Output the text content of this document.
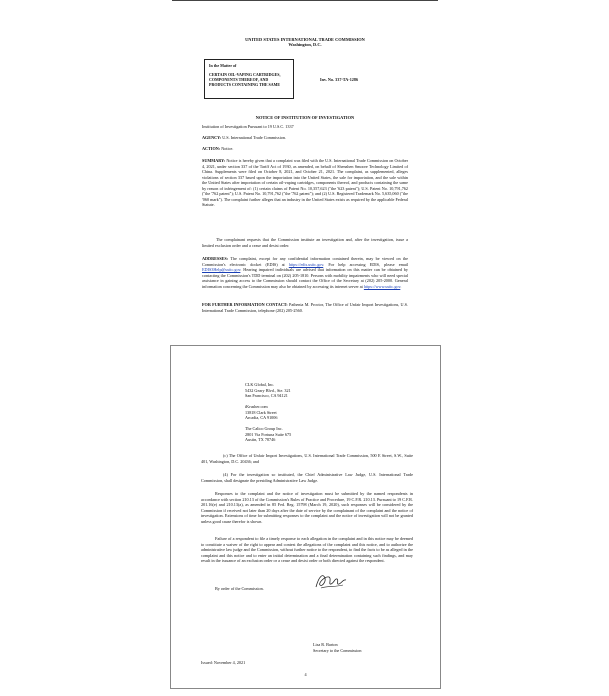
UNITED STATES INTERNATIONAL TRADE COMMISSION
Washington, D.C.
In the Matter of
CERTAIN OIL-VAPING CARTRIDGES, COMPONENTS THEREOF, AND PRODUCTS CONTAINING THE SAME
Inv. No. 337-TA-1286
NOTICE OF INSTITUTION OF INVESTIGATION
Institution of Investigation Pursuant to 19 U.S.C. 1337
AGENCY: U.S. International Trade Commission.
ACTION: Notice.
SUMMARY: Notice is hereby given that a complaint was filed with the U.S. International Trade Commission on October 4, 2021, under section 337 of the Tariff Act of 1930, as amended, on behalf of Shenzhen Smoore Technology Limited of China. Supplements were filed on October 8, 2021, and October 21, 2021. The complaint, as supplemented, alleges violations of section 337 based upon the importation into the United States, the sale for importation, and the sale within the United States after importation of certain oil-vaping cartridges, components thereof, and products containing the same by reason of infringement of: (1) certain claims of Patent No. 10,357,623 ("the '623 patent"); U.S. Patent No. 10,791,762 ("the '762 patent"); U.S. Patent No. 10,791,762 ("the '762 patent"); and (2) U.S. Registered Trademark No. 5,635,060 ("the '060 mark"). The complaint further alleges that an industry in the United States exists as required by the applicable Federal Statute.
The complainant requests that the Commission institute an investigation and, after the investigation, issue a limited exclusion order and a cease and desist order.
ADDRESSES: The complaint, except for any confidential information contained therein, may be viewed on the Commission's electronic docket (EDIS) at https://edis.usitc.gov. For help accessing EDIS, please email EDIS3Help@usitc.gov. Hearing impaired individuals are advised that information on this matter can be obtained by contacting the Commission's TDD terminal on (202) 205-1810. Persons with mobility impairments who will need special assistance in gaining access to the Commission should contact the Office of the Secretary at (202) 205-2000. General information concerning the Commission may also be obtained by accessing its internet server at https://www.usitc.gov.
FOR FURTHER INFORMATION CONTACT: Pathenia M. Proctor, The Office of Unfair Import Investigations, U.S. International Trade Commission, telephone (202) 205-2560.
CLK Global, Inc.
5432 Geary Blvd., Ste. 321
San Francisco, CA 94121
iKrusher.com
13818 Clark Street
Arcadia, CA 91006
The Calico Group Inc.
2801 Via Fortuna Suite 675
Austin, TX 78746
(c) The Office of Unfair Import Investigations, U.S. International Trade Commission, 500 E Street, S.W., Suite 401, Washington, D.C. 20436; and
(4) For the investigation so instituted, the Chief Administrative Law Judge, U.S. International Trade Commission, shall designate the presiding Administrative Law Judge.
Responses to the complaint and the notice of investigation must be submitted by the named respondents in accordance with section 210.13 of the Commission's Rules of Practice and Procedure, 19 C.F.R. 210.13. Pursuant to 19 C.F.R. 201.16(e) and 210.13(a), as amended in 85 Fed. Reg. 15798 (March 19, 2020), such responses will be considered by the Commission if received not later than 20 days after the date of service by the complainant of the complaint and the notice of investigation. Extensions of time for submitting responses to the complaint and the notice of investigation will not be granted unless good cause therefor is shown.
Failure of a respondent to file a timely response to each allegation in the complaint and in this notice may be deemed to constitute a waiver of the right to appear and contest the allegations of the complaint and this notice, and to authorize the administrative law judge and the Commission, without further notice to the respondent, to find the facts to be as alleged in the complaint and this notice and to enter an initial determination and a final determination containing such findings, and may result in the issuance of an exclusion order or a cease and desist order or both directed against the respondent.
By order of the Commission.
Lisa R. Barton
Secretary to the Commission
Issued: November 4, 2021
4
